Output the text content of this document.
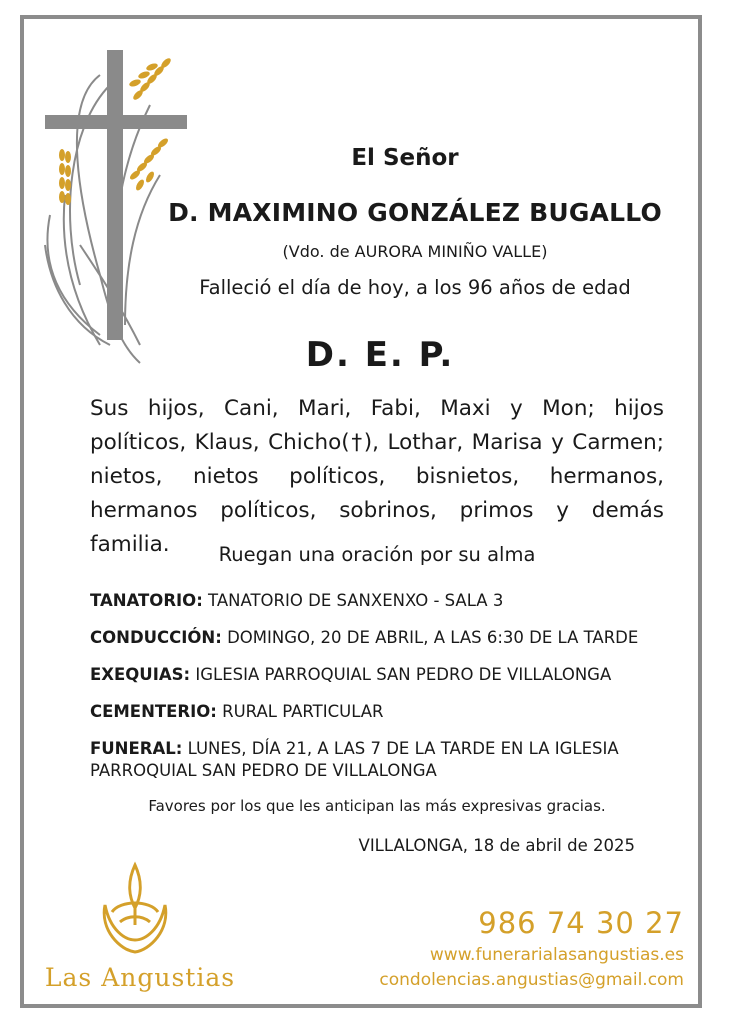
El Señor
D. MAXIMINO GONZÁLEZ BUGALLO
(Vdo. de AURORA MINIÑO VALLE)
Falleció el día de hoy, a los 96 años de edad
D. E. P.
Sus hijos, Cani, Mari, Fabi, Maxi y Mon; hijos políticos, Klaus, Chicho(†), Lothar, Marisa y Carmen; nietos, nietos políticos, bisnietos, hermanos, hermanos políticos, sobrinos, primos y demás familia.	Ruegan una oración por su alma
TANATORIO: TANATORIO DE SANXENXO - SALA 3
CONDUCCIÓN: DOMINGO, 20 DE ABRIL, A LAS 6:30 DE LA TARDE
EXEQUIAS: IGLESIA PARROQUIAL SAN PEDRO DE VILLALONGA
CEMENTERIO: RURAL PARTICULAR
FUNERAL: LUNES, DÍA 21, A LAS 7 DE LA TARDE EN LA IGLESIA PARROQUIAL SAN PEDRO DE VILLALONGA
Favores por los que les anticipan las más expresivas gracias.
VILLALONGA, 18 de abril de 2025
Las Angustias
986 74 30 27
www.funerarialasangustias.es
condolencias.angustias@gmail.com
